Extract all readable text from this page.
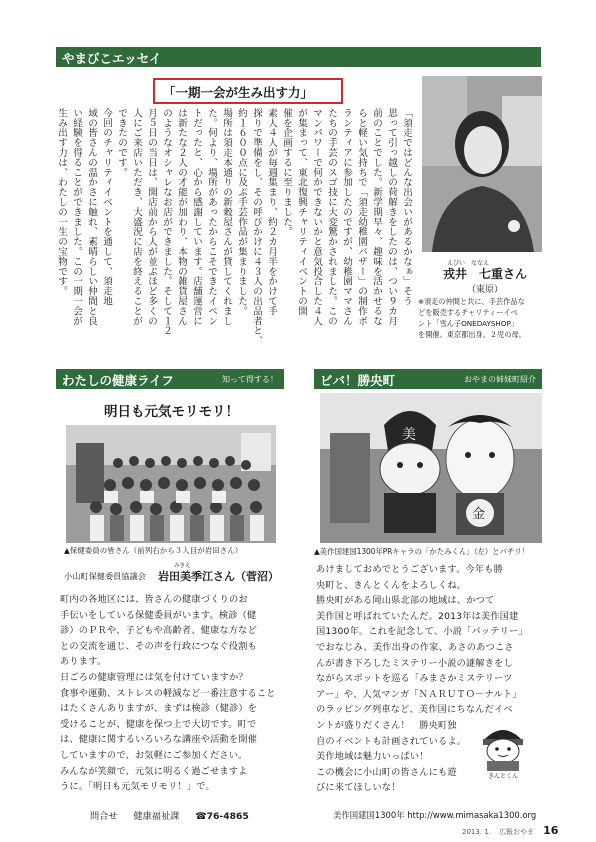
やまびこエッセイ
「一期一会が生み出す力」
「須走ではどんな出会いがあるかなぁ」そう
思って引っ越しの荷解きをしたのは、つい９カ月
前のことでした。新学期早々、趣味を活かせるな
らと軽い気持ちで「須走幼稚園バザー」の制作ボ
ランティアに参加したのですが、幼稚園ママさん
たちの手芸のスゴ技に大変驚かされました。この
マンパワーで何かできないかと意気投合した４人
が集まって、東北復興チャリティイベントの開
催を企画するに至りました。
素人４人が毎週集まり、約２カ月半をかけて手
探りで準備をし、その呼びかけに４３人の出品者と、
約１６００点に及ぶ手芸作品が集まりました。
場所は須走本通りの新穀屋さんが貸してくれまし
た。何より、場所があったからこそできたイベン
トだったと、心から感謝しています。店舗運営に
は新たな２人の才能が加わり、本物の雑貨屋さん
のようなオシャレなお店ができました。そして１２
月５日の当日は、開店前から人が並ぶほど多くの
人にご来店いただき、大盛況に店を終えることが
できたのです。
今回のチャリティイベントを通して、須走地
域の皆さんの温かさに触れ、素晴らしい仲間と良
い経験を得ることができました。この一期一会が
生み出す力は、わたしの一生の宝物です。	えびい　ななえ
戎井　七重さん
（東原）
※須走の仲間と共に、手芸作品な
どを販売するチャリティーイベ
ント「雪ん子ONEDAYSHOP」
を開催。東京都出身。２児の母。
わたしの健康ライフ	知って得する！
明日も元気モリモリ！
▲保健委員の皆さん（前列右から３人目が岩田さん）
みきえ
小山町保健委員協議会 岩田美季江さん（菅沼）
町内の各地区には、皆さんの健康づくりのお
手伝いをしている保健委員がいます。検診（健
診）のＰＲや、子どもや高齢者、健康な方など
との交流を通じ、その声を行政につなぐ役割も
あります。
日ごろの健康管理には気を付けていますか？
食事や運動、ストレスの軽減など一番注意すること
はたくさんありますが、まずは検診（健診）を
受けることが、健康を保つ上で大切です。町で
は、健康に関するいろいろな講座や活動を開催
していますので、お気軽にご参加ください。
みんなが笑顔で、元気に明るく過ごせますよ
うに。「明日も元気モリモリ！」で。
問合せ 健康福祉課 ☎76-4865
ビバ！勝央町	おやまの姉妹町紹介
美
金
▲美作国建国1300年PRキャラの「かたみくん」（左）とパチリ！
あけましておめでとうございます。今年も勝
央町と、きんとくんをよろしくね。
勝央町がある岡山県北部の地域は、かつて
美作国と呼ばれていたんだ。2013年は美作国建
国1300年。これを記念して、小説「パッテリー」
でおなじみ、美作出身の作家、あさのあつこさ
んが書き下ろしたミステリー小説の謎解きをし
ながらスポットを巡る「みまさかミステリーツ
アー」や、人気マンガ「ＮＡＲＵＴＯ－ナルト」
のラッピング列車など、美作国にちなんだイベ
ントが盛りだくさん！　勝央町独
自のイベントも計画されているよ。
美作地域は魅力いっぱい！
この機会に小山町の皆さんにも遊
びに来てほしいな！
きんとくん
美作国建国1300年 http://www.mimasaka1300.org
2013. 1. 広報おやま 16
